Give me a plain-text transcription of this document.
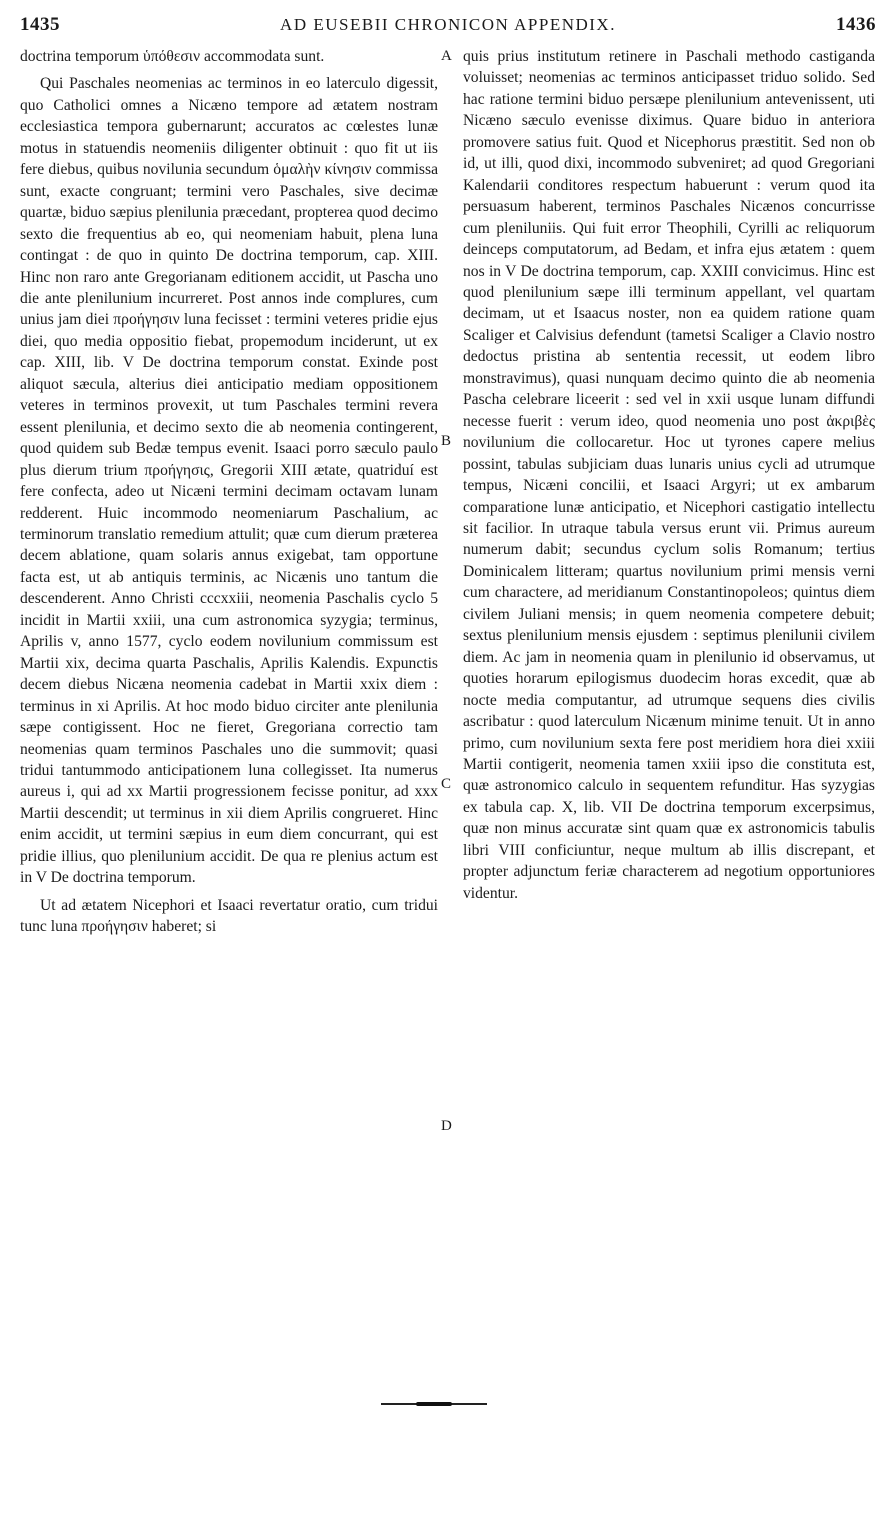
1435	AD EUSEBII CHRONICON APPENDIX.	1436

doctrina temporum ὑπόθεσιν accommodata sunt.

Qui Paschales neomenias ac terminos in eo laterculo digessit, quo Catholici omnes a Nicæno tempore ad ætatem nostram ecclesiastica tempora gubernarunt; accuratos ac cœlestes lunæ motus in statuendis neomeniis diligenter obtinuit : quo fit ut iis fere diebus, quibus novilunia secundum ὁμαλὴν κίνησιν commissa sunt, exacte congruant; termini vero Paschales, sive decimæ quartæ, biduo sæpius plenilunia præcedant, propterea quod decimo sexto die frequentius ab eo, qui neomeniam habuit, plena luna contingat : de quo in quinto De doctrina temporum, cap. XIII. Hinc non raro ante Gregorianam editionem accidit, ut Pascha uno die ante plenilunium incurreret. Post annos inde complures, cum unius jam diei προήγησιν luna fecisset : termini veteres pridie ejus diei, quo media oppositio fiebat, propemodum inciderunt, ut ex cap. XIII, lib. V De doctrina temporum constat. Exinde post aliquot sæcula, alterius diei anticipatio mediam oppositionem veteres in terminos provexit, ut tum Paschales termini revera essent plenilunia, et decimo sexto die ab neomenia contingerent, quod quidem sub Bedæ tempus evenit. Isaaci porro sæculo paulo plus dierum trium προήγησις, Gregorii XIII ætate, quatriduí est fere confecta, adeo ut Nicæni termini decimam octavam lunam redderent. Huic incommodo neomeniarum Paschalium, ac terminorum translatio remedium attulit; quæ cum dierum præterea decem ablatione, quam solaris annus exigebat, tam opportune facta est, ut ab antiquis terminis, ac Nicænis uno tantum die descenderent. Anno Christi cccxxiii, neomenia Paschalis cyclo 5 incidit in Martii xxiii, una cum astronomica syzygia; terminus, Aprilis v, anno 1577, cyclo eodem novilunium commissum est Martii xix, decima quarta Paschalis, Aprilis Kalendis. Expunctis decem diebus Nicæna neomenia cadebat in Martii xxix diem : terminus in xi Aprilis. At hoc modo biduo circiter ante plenilunia sæpe contigissent. Hoc ne fieret, Gregoriana correctio tam neomenias quam terminos Paschales uno die summovit; quasi tridui tantummodo anticipationem luna collegisset. Ita numerus aureus i, qui ad xx Martii progressionem fecisse ponitur, ad xxx Martii descendit; ut terminus in xii diem Aprilis congrueret. Hinc enim accidit, ut termini sæpius in eum diem concurrant, qui est pridie illius, quo plenilunium accidit. De qua re plenius actum est in V De doctrina temporum.

Ut ad ætatem Nicephori et Isaaci revertatur oratio, cum tridui tunc luna προήγησιν haberet; si

A
B
C
D

quis prius institutum retinere in Paschali methodo castiganda voluisset; neomenias ac terminos anticipasset triduo solido. Sed hac ratione termini biduo persæpe plenilunium antevenissent, uti Nicæno sæculo evenisse diximus. Quare biduo in anteriora promovere satius fuit. Quod et Nicephorus præstitit. Sed non ob id, ut illi, quod dixi, incommodo subveniret; ad quod Gregoriani Kalendarii conditores respectum habuerunt : verum quod ita persuasum haberent, terminos Paschales Nicænos concurrisse cum pleniluniis. Qui fuit error Theophili, Cyrilli ac reliquorum deinceps computatorum, ad Bedam, et infra ejus ætatem : quem nos in V De doctrina temporum, cap. XXIII convicimus. Hinc est quod plenilunium sæpe illi terminum appellant, vel quartam decimam, ut et Isaacus noster, non ea quidem ratione quam Scaliger et Calvisius defendunt (tametsi Scaliger a Clavio nostro dedoctus pristina ab sententia recessit, ut eodem libro monstravimus), quasi nunquam decimo quinto die ab neomenia Pascha celebrare liceerit : sed vel in xxii usque lunam diffundi necesse fuerit : verum ideo, quod neomenia uno post ἀκριβὲς novilunium die collocaretur. Hoc ut tyrones capere melius possint, tabulas subjiciam duas lunaris unius cycli ad utrumque tempus, Nicæni concilii, et Isaaci Argyri; ut ex ambarum comparatione lunæ anticipatio, et Nicephori castigatio intellectu sit facilior. In utraque tabula versus erunt vii. Primus aureum numerum dabit; secundus cyclum solis Romanum; tertius Dominicalem litteram; quartus novilunium primi mensis verni cum charactere, ad meridianum Constantinopoleos; quintus diem civilem Juliani mensis; in quem neomenia competere debuit; sextus plenilunium mensis ejusdem : septimus plenilunii civilem diem. Ac jam in neomenia quam in plenilunio id observamus, ut quoties horarum epilogismus duodecim horas excedit, quæ ab nocte media computantur, ad utrumque sequens dies civilis ascribatur : quod laterculum Nicænum minime tenuit. Ut in anno primo, cum novilunium sexta fere post meridiem hora diei xxiii Martii contigerit, neomenia tamen xxiii ipso die constituta est, quæ astronomico calculo in sequentem refunditur. Has syzygias ex tabula cap. X, lib. VII De doctrina temporum excerpsimus, quæ non minus accuratæ sint quam quæ ex astronomicis tabulis libri VIII conficiuntur, neque multum ab illis discrepant, et propter adjunctum feriæ characterem ad negotium opportuniores videntur.
